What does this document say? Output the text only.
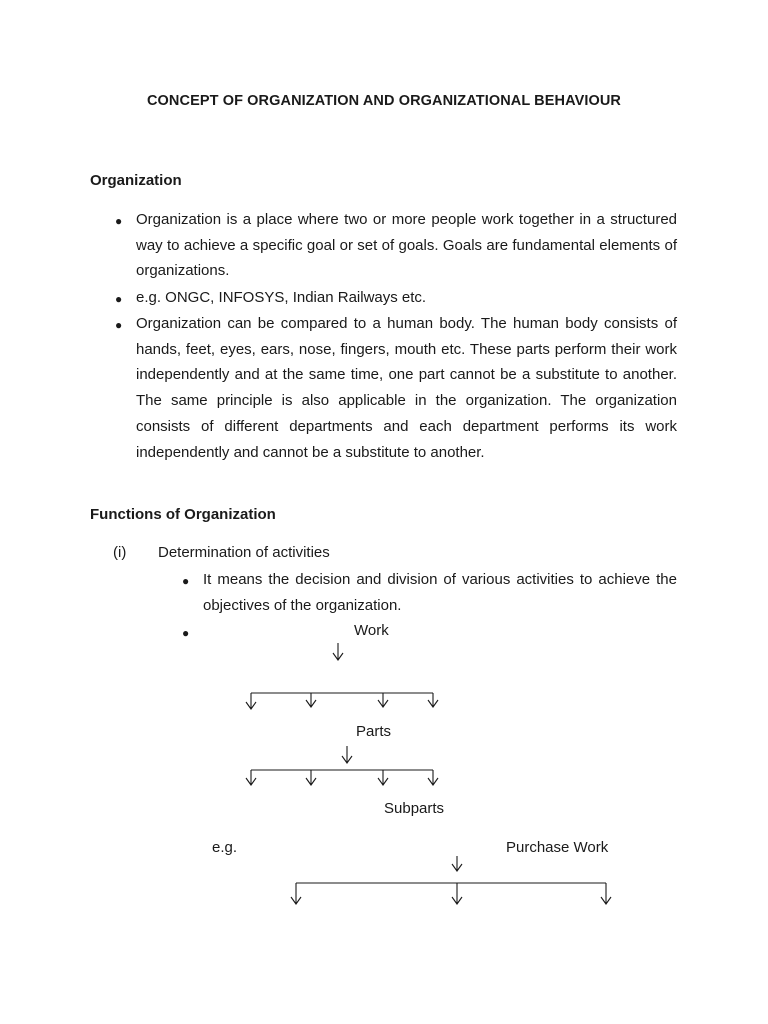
CONCEPT OF ORGANIZATION AND ORGANIZATIONAL BEHAVIOUR
Organization
● Organization is a place where two or more people work together in a structured way to achieve a specific goal or set of goals. Goals are fundamental elements of organizations.
● e.g. ONGC, INFOSYS, Indian Railways etc.
● Organization can be compared to a human body. The human body consists of hands, feet, eyes, ears, nose, fingers, mouth etc. These parts perform their work independently and at the same time, one part cannot be a substitute to another. The same principle is also applicable in the organization. The organization consists of different departments and each department performs its work independently and cannot be a substitute to another.
Functions of Organization
(i) Determination of activities
● It means the decision and division of various activities to achieve the objectives of the organization.
●	Work
Parts
Subparts
e.g.	Purchase Work
